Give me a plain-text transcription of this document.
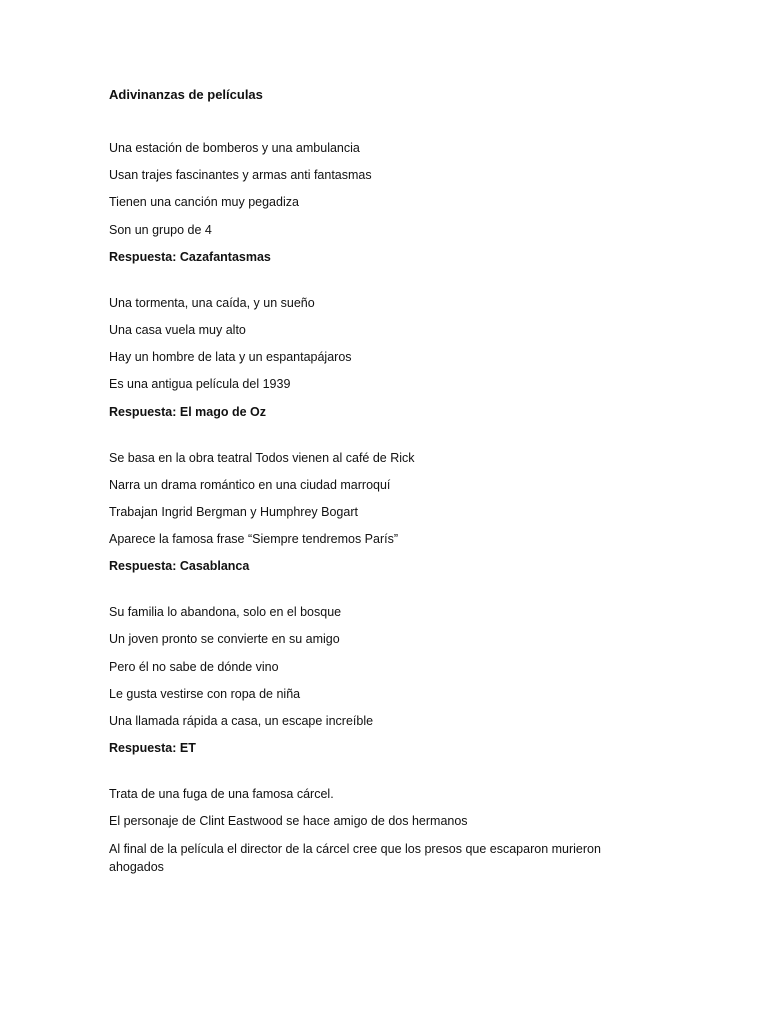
Adivinanzas de películas
Una estación de bomberos y una ambulancia
Usan trajes fascinantes y armas anti fantasmas
Tienen una canción muy pegadiza
Son un grupo de 4
Respuesta: Cazafantasmas
Una tormenta, una caída, y un sueño
Una casa vuela muy alto
Hay un hombre de lata y un espantapájaros
Es una antigua película del 1939
Respuesta: El mago de Oz
Se basa en la obra teatral Todos vienen al café de Rick
Narra un drama romántico en una ciudad marroquí
Trabajan Ingrid Bergman y Humphrey Bogart
Aparece la famosa frase “Siempre tendremos París”
Respuesta: Casablanca
Su familia lo abandona, solo en el bosque
Un joven pronto se convierte en su amigo
Pero él no sabe de dónde vino
Le gusta vestirse con ropa de niña
Una llamada rápida a casa, un escape increíble
Respuesta: ET
Trata de una fuga de una famosa cárcel.
El personaje de Clint Eastwood se hace amigo de dos hermanos
Al final de la película el director de la cárcel cree que los presos que escaparon murieron ahogados
